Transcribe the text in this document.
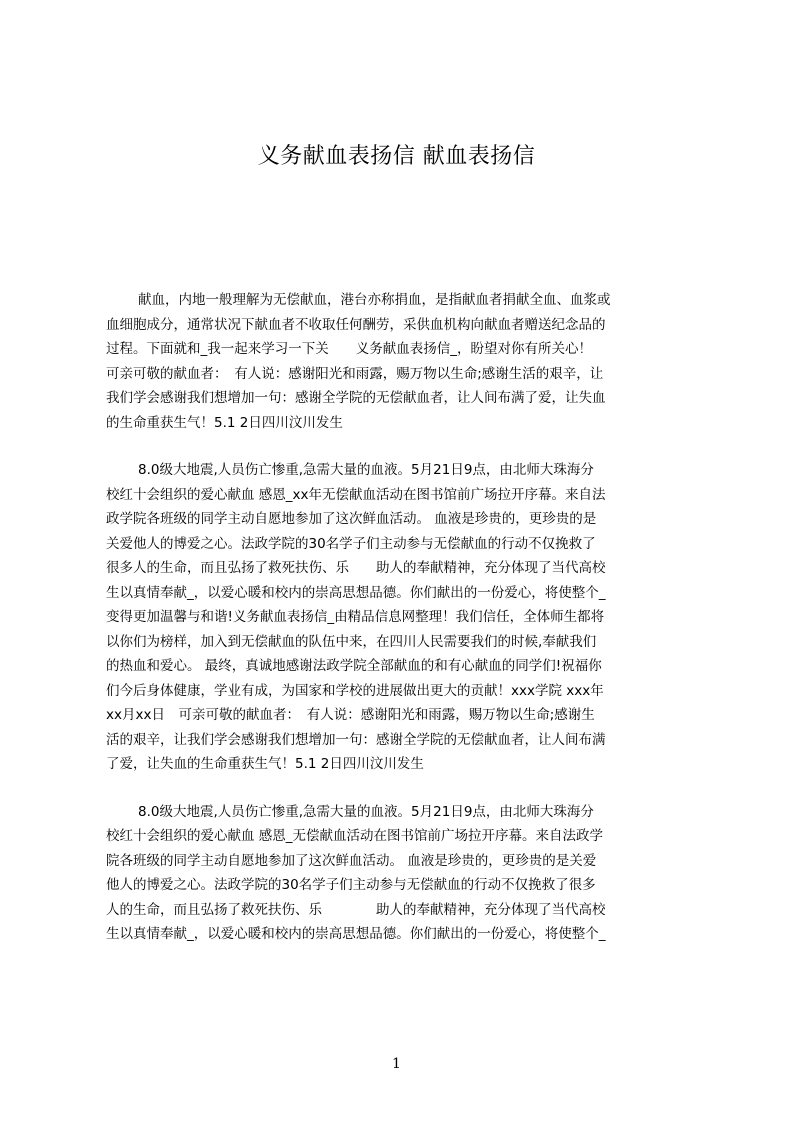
义务献血表扬信 献血表扬信

献血，内地一般理解为无偿献血，港台亦称捐血，是指献血者捐献全血、血浆或
血细胞成分，通常状况下献血者不收取任何酬劳，采供血机构向献血者赠送纪念品的
过程。下面就和_我一起来学习一下关　　义务献血表扬信_，盼望对你有所关心！
可亲可敬的献血者：　有人说：感谢阳光和雨露，赐万物以生命;感谢生活的艰辛，让
我们学会感谢我们想增加一句：感谢全学院的无偿献血者，让人间布满了爱，让失血
的生命重获生气！5.1 2日四川汶川发生

8.0级大地震,人员伤亡惨重,急需大量的血液。5月21日9点，由北师大珠海分
校红十会组织的爱心献血 感恩_xx年无偿献血活动在图书馆前广场拉开序幕。来自法
政学院各班级的同学主动自愿地参加了这次鲜血活动。 血液是珍贵的，更珍贵的是
关爱他人的博爱之心。法政学院的30名学子们主动参与无偿献血的行动不仅挽救了
很多人的生命，而且弘扬了救死扶伤、乐　　助人的奉献精神，充分体现了当代高校
生以真情奉献_，以爱心暖和校内的崇高思想品德。你们献出的一份爱心，将使整个_
变得更加温馨与和谐!义务献血表扬信_由精品信息网整理！我们信任，全体师生都将
以你们为榜样，加入到无偿献血的队伍中来，在四川人民需要我们的时候,奉献我们
的热血和爱心。 最终，真诚地感谢法政学院全部献血的和有心献血的同学们!祝福你
们今后身体健康，学业有成，为国家和学校的进展做出更大的贡献！xxx学院 xxx年
xx月xx日　可亲可敬的献血者：　有人说：感谢阳光和雨露，赐万物以生命;感谢生
活的艰辛，让我们学会感谢我们想增加一句：感谢全学院的无偿献血者，让人间布满
了爱，让失血的生命重获生气！5.1 2日四川汶川发生

8.0级大地震,人员伤亡惨重,急需大量的血液。5月21日9点，由北师大珠海分
校红十会组织的爱心献血 感恩_无偿献血活动在图书馆前广场拉开序幕。来自法政学
院各班级的同学主动自愿地参加了这次鲜血活动。 血液是珍贵的，更珍贵的是关爱
他人的博爱之心。法政学院的30名学子们主动参与无偿献血的行动不仅挽救了很多
人的生命，而且弘扬了救死扶伤、乐　　　　助人的奉献精神，充分体现了当代高校
生以真情奉献_，以爱心暖和校内的崇高思想品德。你们献出的一份爱心，将使整个_

1
